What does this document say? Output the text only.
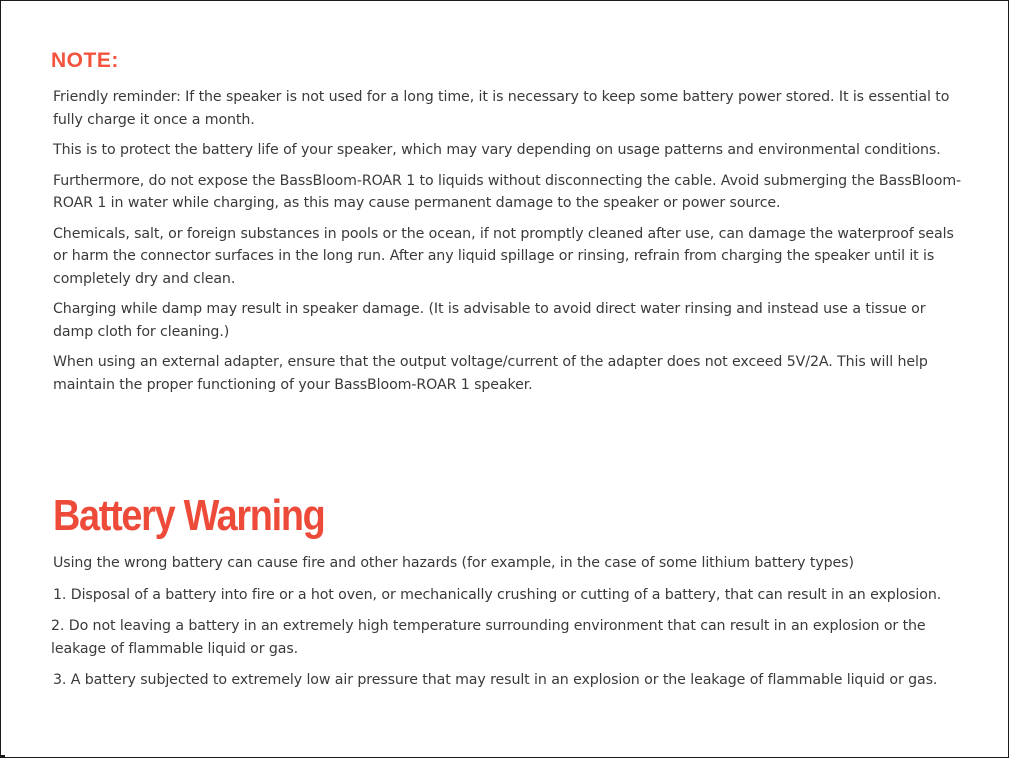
NOTE:

Friendly reminder: If the speaker is not used for a long time, it is necessary to keep some battery power stored. It is essential to fully charge it once a month.

This is to protect the battery life of your speaker, which may vary depending on usage patterns and environmental conditions.

Furthermore, do not expose the BassBloom-ROAR 1 to liquids without disconnecting the cable. Avoid submerging the BassBloom-ROAR 1 in water while charging, as this may cause permanent damage to the speaker or power source.

Chemicals, salt, or foreign substances in pools or the ocean, if not promptly cleaned after use, can damage the waterproof seals or harm the connector surfaces in the long run. After any liquid spillage or rinsing, refrain from charging the speaker until it is completely dry and clean.

Charging while damp may result in speaker damage. (It is advisable to avoid direct water rinsing and instead use a tissue or damp cloth for cleaning.)

When using an external adapter, ensure that the output voltage/current of the adapter does not exceed 5V/2A. This will help maintain the proper functioning of your BassBloom-ROAR 1 speaker.

Battery Warning

Using the wrong battery can cause fire and other hazards (for example, in the case of some lithium battery types)

1. Disposal of a battery into fire or a hot oven, or mechanically crushing or cutting of a battery, that can result in an explosion.

2. Do not leaving a battery in an extremely high temperature surrounding environment that can result in an explosion or the leakage of flammable liquid or gas.

3. A battery subjected to extremely low air pressure that may result in an explosion or the leakage of flammable liquid or gas.
